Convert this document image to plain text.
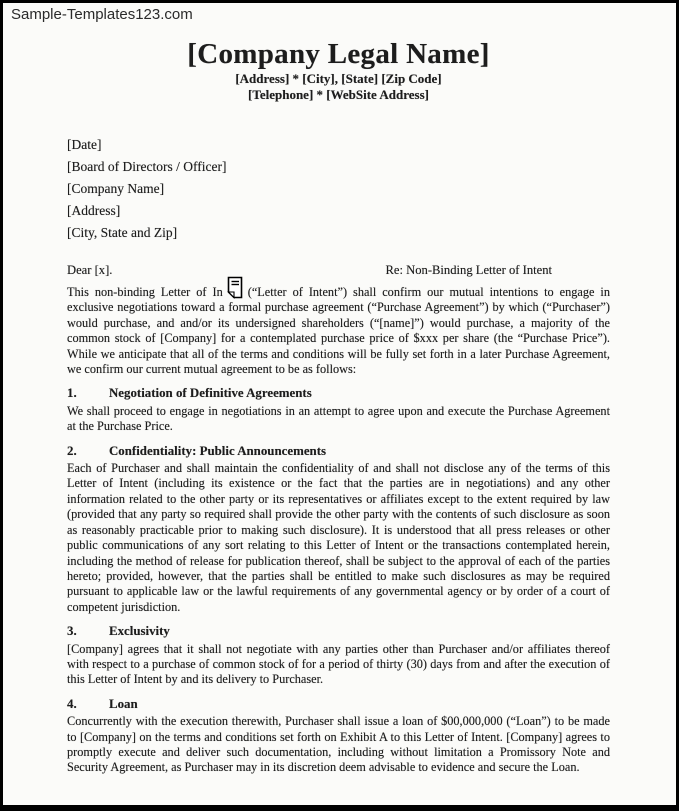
Sample-Templates123.com
[Company Legal Name]
[Address] * [City], [State] [Zip Code]
[Telephone] * [WebSite Address]
[Date]
[Board of Directors / Officer]
[Company Name]
[Address]
[City, State and Zip]
Dear [x].	Re: Non-Binding Letter of Intent

This non-binding Letter of In (“Letter of Intent”) shall confirm our mutual intentions to engage in exclusive negotiations toward a formal purchase agreement (“Purchase Agreement”) by which (“Purchaser”) would purchase, and and/or its undersigned shareholders (“[name]”) would purchase, a majority of the common stock of [Company] for a contemplated purchase price of $xxx per share (the “Purchase Price”). While we anticipate that all of the terms and conditions will be fully set forth in a later Purchase Agreement, we confirm our current mutual agreement to be as follows:

1.	Negotiation of Definitive Agreements

We shall proceed to engage in negotiations in an attempt to agree upon and execute the Purchase Agreement at the Purchase Price.

2.	Confidentiality: Public Announcements

Each of Purchaser and shall maintain the confidentiality of and shall not disclose any of the terms of this Letter of Intent (including its existence or the fact that the parties are in negotiations) and any other information related to the other party or its representatives or affiliates except to the extent required by law (provided that any party so required shall provide the other party with the contents of such disclosure as soon as reasonably practicable prior to making such disclosure). It is understood that all press releases or other public communications of any sort relating to this Letter of Intent or the transactions contemplated herein, including the method of release for publication thereof, shall be subject to the approval of each of the parties hereto; provided, however, that the parties shall be entitled to make such disclosures as may be required pursuant to applicable law or the lawful requirements of any governmental agency or by order of a court of competent jurisdiction.

3.	Exclusivity

[Company] agrees that it shall not negotiate with any parties other than Purchaser and/or affiliates thereof with respect to a purchase of common stock of for a period of thirty (30) days from and after the execution of this Letter of Intent by and its delivery to Purchaser.

4.	Loan

Concurrently with the execution therewith, Purchaser shall issue a loan of $00,000,000 (“Loan”) to be made to [Company] on the terms and conditions set forth on Exhibit A to this Letter of Intent. [Company] agrees to promptly execute and deliver such documentation, including without limitation a Promissory Note and Security Agreement, as Purchaser may in its discretion deem advisable to evidence and secure the Loan.
